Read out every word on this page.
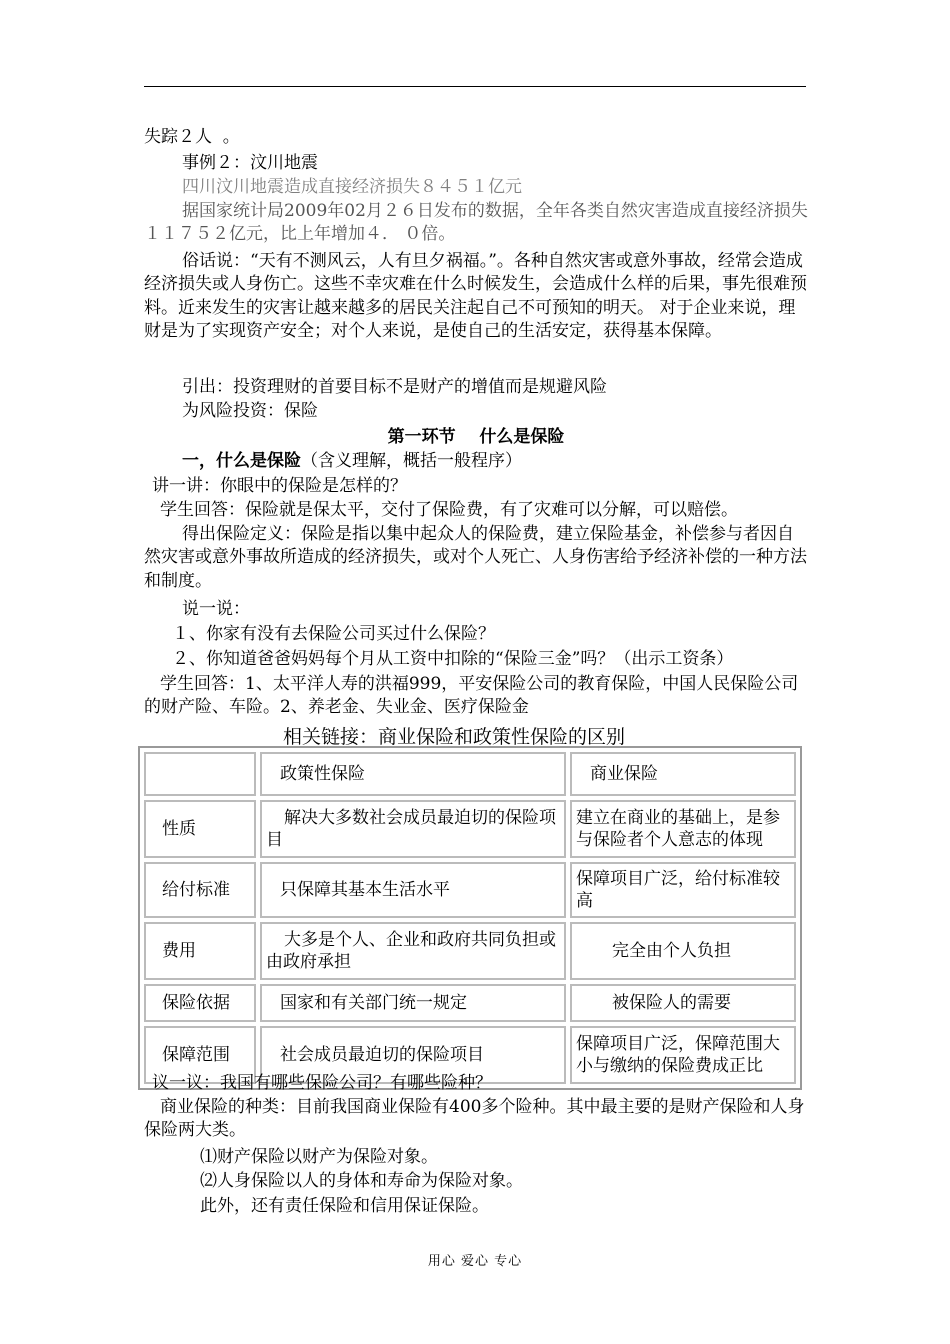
失踪２人  。
事例２：汶川地震
四川汶川地震造成直接经济损失８４５１亿元
据国家统计局2009年02月２６日发布的数据，全年各类自然灾害造成直接经济损失１１７５２亿元，比上年增加４． ０倍。
俗话说：“天有不测风云，人有旦夕祸福。”。各种自然灾害或意外事故，经常会造成经济损失或人身伤亡。这些不幸灾难在什么时候发生，会造成什么样的后果，事先很难预料。近来发生的灾害让越来越多的居民关注起自己不可预知的明天。 对于企业来说，理财是为了实现资产安全；对个人来说，是使自己的生活安定，获得基本保障。
引出：投资理财的首要目标不是财产的增值而是规避风险
为风险投资：保险
第一环节    什么是保险
一，什么是保险（含义理解，概括一般程序）
讲一讲：你眼中的保险是怎样的？
学生回答：保险就是保太平，交付了保险费，有了灾难可以分解，可以赔偿。
得出保险定义：保险是指以集中起众人的保险费，建立保险基金，补偿参与者因自然灾害或意外事故所造成的经济损失，或对个人死亡、人身伤害给予经济补偿的一种方法和制度。
说一说：
１、你家有没有去保险公司买过什么保险？
２、你知道爸爸妈妈每个月从工资中扣除的“保险三金”吗？（出示工资条）
学生回答：1、太平洋人寿的洪福999，平安保险公司的教育保险，中国人民保险公司的财产险、车险。2、养老金、失业金、医疗保险金
相关链接：商业保险和政策性保险的区别
	政策性保险	商业保险
性质	解决大多数社会成员最迫切的保险项目	建立在商业的基础上，是参与保险者个人意志的体现
给付标准	只保障其基本生活水平	保障项目广泛，给付标准较高
费用	大多是个人、企业和政府共同负担或由政府承担	完全由个人负担
保险依据	国家和有关部门统一规定	被保险人的需要
保障范围	社会成员最迫切的保险项目	保障项目广泛，保障范围大小与缴纳的保险费成正比
议一议：我国有哪些保险公司？有哪些险种？
商业保险的种类：目前我国商业保险有400多个险种。其中最主要的是财产保险和人身保险两大类。
⑴财产保险以财产为保险对象。
⑵人身保险以人的身体和寿命为保险对象。
此外，还有责任保险和信用保证保险。
用心 爱心 专心
